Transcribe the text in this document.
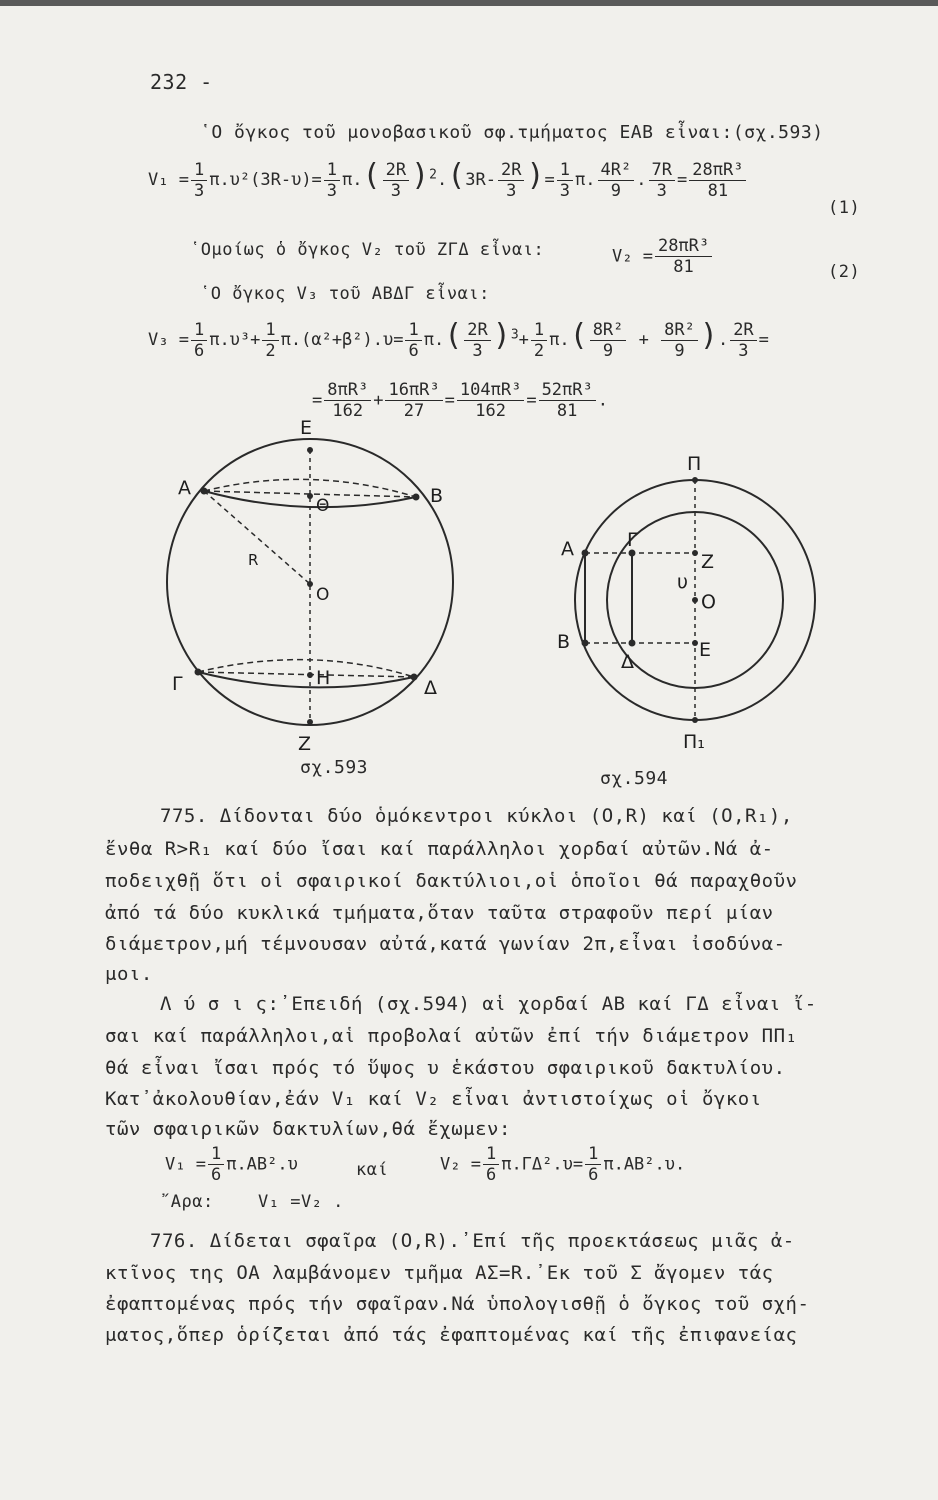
232 -
῾Ο ὄγκος τοῦ μονοβασικοῦ σφ.τμήματος ΕΑΒ εἶναι:(σχ.593)
$V_1 = \frac{1}{3} \pi.\upsilon^2(3R-\upsilon)= \frac{1}{3} \pi.( \frac{2R}{3} )^2.(3R- \frac{2R}{3}$ )= $\frac{1}{3} \pi$. $\frac{\text{4R²}}{9}$ . $\frac{7R}{3} = \frac{\text{28πR³}}{81}$
(1)
῾Ομοίως ὁ ὄγκος V₂ τοῦ ΖΓΔ εἶναι:	$V_2 = \frac{\text{28πR³}}{81}$	(2)
῾Ο ὄγκος V₃ τοῦ ΑΒΔΓ εἶναι:
$V_3 = \frac{1}{6} \pi.\upsilon^3+ \frac{1}{2} \pi.(\alpha^2+\beta^2).\upsilon= \frac{1}{6} \pi.( \frac{2R}{3} )^3+ \frac{1}{2} \pi.( \frac{\text{8R²}}{9} + \frac{\text{8R²}}{9}$ ). $\frac{2R}{3}$ =
= $\frac{\text{8πR³}}{162} + \frac{\text{16πR³}}{27} = \frac{\text{104πR³}}{162} = \frac{\text{52πR³}}{81}$ .
Ε
Α	Β
Θ
R
Ο
Γ	Η	Δ
Ζ
σχ.593
Π
Α	Γ
Ζ
υ
Ο
Β
Δ
Ε
Π₁
σχ.594
775. Δίδονται δύο ὁμόκεντροι κύκλοι (Ο,R) καί (Ο,R₁),
ἔνθα R>R₁ καί δύο ἴσαι καί παράλληλοι χορδαί αὐτῶν.Νά ἀ-
ποδειχθῇ ὅτι οἱ σφαιρικοί δακτύλιοι,οἱ ὁποῖοι θά παραχθοῦν
ἀπό τά δύο κυκλικά τμήματα,ὅταν ταῦτα στραφοῦν περί μίαν
διάμετρον,μή τέμνουσαν αὐτά,κατά γωνίαν 2π,εἶναι ἰσοδύνα-
μοι.
Λ ύ σ ι ς:᾿Επειδή (σχ.594) αἱ χορδαί ΑΒ καί ΓΔ εἶναι ἴ-
σαι καί παράλληλοι,αἱ προβολαί αὐτῶν ἐπί τήν διάμετρον ΠΠ₁
θά εἶναι ἴσαι πρός τό ὕψος υ ἑκάστου σφαιρικοῦ δακτυλίου.
Κατ᾿ἀκολουθίαν,ἐάν V₁ καί V₂ εἶναι ἀντιστοίχως οἱ ὄγκοι
τῶν σφαιρικῶν δακτυλίων,θά ἔχωμεν:
$V_1 = \frac{1}{6} \pi.AB^2.\upsilon$	καί	$V_2 = \frac{1}{6} \pi.\Gamma\Delta^2.\upsilon= \frac{1}{6} \pi.AB^2.\upsilon$.
῎Αρα:	V₁ =V₂ .
776. Δίδεται σφαῖρα (Ο,R).᾿Επί τῆς προεκτάσεως μιᾶς ἀ-
κτῖνος της ΟΑ λαμβάνομεν τμῆμα ΑΣ=R.᾿Εκ τοῦ Σ ἄγομεν τάς
ἐφαπτομένας πρός τήν σφαῖραν.Νά ὑπολογισθῇ ὁ ὄγκος τοῦ σχή-
ματος,ὅπερ ὁρίζεται ἀπό τάς ἐφαπτομένας καί τῆς ἐπιφανείας
